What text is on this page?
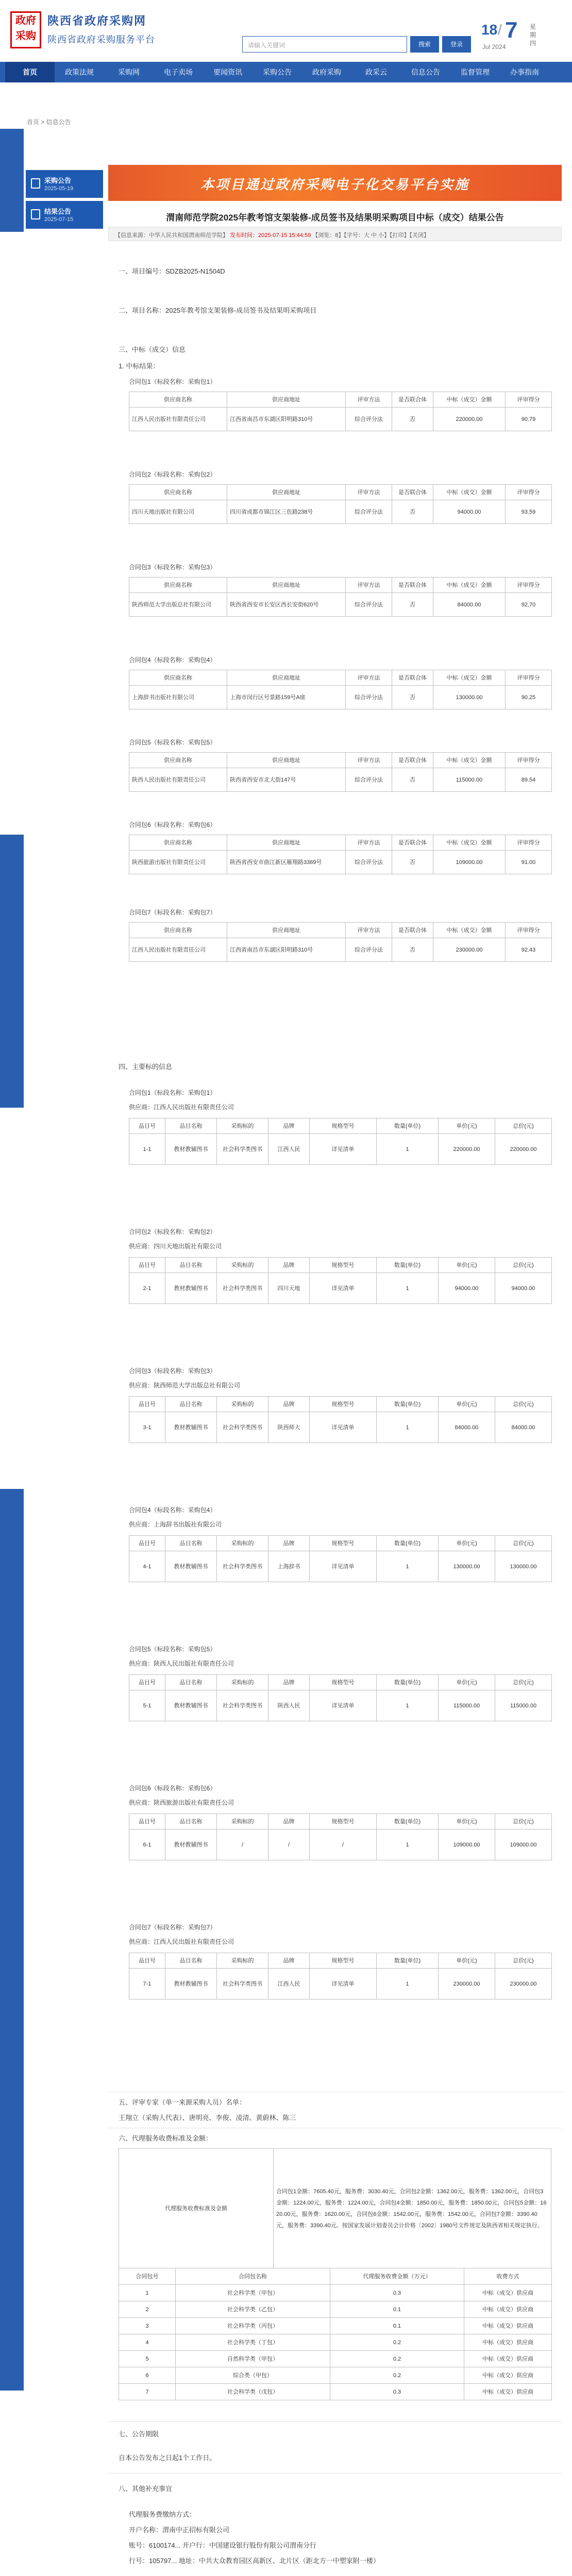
政府
采购
陕西省政府采购网
陕西省政府采购服务平台
请输入关键词	搜索	登录
18 / 7 星期四
Jul 2024
首页	政策法规	采购网	电子卖场	要闻资讯	采购公告	政府采购	政采云	信息公告	监督管理	办事指南
首页 > 信息公告
采购公告
2025-05-19
结果公告
2025-07-15
本项目通过政府采购电子化交易平台实施
渭南师范学院2025年教考馆支架装修-成员签书及结果明采购项目中标（成交）结果公告
【信息来源：中华人民共和国渭南师范学院】 发布时间：2025-07-15 15:44:59 【浏览：8】【字号：大 中 小】【打印】【关闭】
一、项目编号：SDZB2025-N1504D
二、项目名称：2025年教考馆支架装修-成员签书及结果明采购项目
三、中标（成交）信息
1. 中标结果：
四、主要标的信息
五、评审专家（单一来源采购人员）名单：
王翔立（采购人代表）、唐明亮、李俊、凌清、黄蔚林、陈三
六、代理服务收费标准及金额：
代理服务收费标准及金额	合同包1金额：7605.40元，服务费：3030.40元，合同包2金额：1362.00元，服务费：1362.00元，合同包3金额：1224.00元，服务费：1224.00元，合同包4金额：1850.00元，服务费：1850.00元，合同包5金额：1620.00元，服务费：1620.00元，合同包6金额：1542.00元，服务费：1542.00元，合同包7金额：3390.40元，服务费：3390.40元。按国家发展计划委员会计价格〔2002〕1980号文件规定及陕西省相关规定执行。
合同包号	合同包名称	代理服务收费金额（万元）	收费方式
1	社会科学类（甲包）	0.3	中标（成交）供应商
2	社会科学类（乙包）	0.1	中标（成交）供应商
3	社会科学类（丙包）	0.1	中标（成交）供应商
4	社会科学类（丁包）	0.2	中标（成交）供应商
5	自然科学类（甲包）	0.2	中标（成交）供应商
6	综合类（甲包）	0.2	中标（成交）供应商
7	社会科学类（戊包）	0.3	中标（成交）供应商
七、公告期限
自本公告发布之日起1个工作日。
八、其他补充事宜
代理服务费缴纳方式：
开户名称：渭南中正招标有限公司
账号：6100174... 开户行：中国建设银行股份有限公司渭南分行
行号：105797... 地址：中共大众教育园区高新区、北片区（距北方一中塑家附一楼）
合同包1（标段名称：采购包1）
供应商名称	供应商地址	评审方法	是否联合体	中标（成交）金额	评审得分
江西人民出版社有限责任公司	江西省南昌市东湖区阳明路310号	综合评分法	否	220000.00	90.79
合同包2（标段名称：采购包2）
供应商名称	供应商地址	评审方法	是否联合体	中标（成交）金额	评审得分
四川天地出版社有限公司	四川省成都市锦江区三色路238号	综合评分法	否	94000.00	93.59
合同包3（标段名称：采购包3）
供应商名称	供应商地址	评审方法	是否联合体	中标（成交）金额	评审得分
陕西师范大学出版总社有限公司	陕西省西安市长安区西长安街620号	综合评分法	否	84000.00	92.70
合同包4（标段名称：采购包4）
供应商名称	供应商地址	评审方法	是否联合体	中标（成交）金额	评审得分
上海辞书出版社有限公司	上海市闵行区号景路159号A座	综合评分法	否	130000.00	90.25
合同包5（标段名称：采购包5）
供应商名称	供应商地址	评审方法	是否联合体	中标（成交）金额	评审得分
陕西人民出版社有限责任公司	陕西省西安市北大街147号	综合评分法	否	115000.00	89.54
合同包6（标段名称：采购包6）
供应商名称	供应商地址	评审方法	是否联合体	中标（成交）金额	评审得分
陕西旅游出版社有限责任公司	陕西省西安市曲江新区雁翔路3369号	综合评分法	否	109000.00	91.00
合同包7（标段名称：采购包7）
供应商名称	供应商地址	评审方法	是否联合体	中标（成交）金额	评审得分
江西人民出版社有限责任公司	江西省南昌市东湖区阳明路310号	综合评分法	否	230000.00	92.43
合同包1（标段名称：采购包1）
供应商：江西人民出版社有限责任公司
品目号	品目名称	采购标的	品牌	规格型号	数量(单位)	单价(元)	总价(元)
1-1	教材教辅图书	社会科学类图书	江西人民	详见清单	1	220000.00	220000.00
合同包2（标段名称：采购包2）
供应商：四川天地出版社有限公司
品目号	品目名称	采购标的	品牌	规格型号	数量(单位)	单价(元)	总价(元)
2-1	教材教辅图书	社会科学类图书	四川天地	详见清单	1	94000.00	94000.00
合同包3（标段名称：采购包3）
供应商：陕西师范大学出版总社有限公司
品目号	品目名称	采购标的	品牌	规格型号	数量(单位)	单价(元)	总价(元)
3-1	教材教辅图书	社会科学类图书	陕西师大	详见清单	1	84000.00	84000.00
合同包4（标段名称：采购包4）
供应商：上海辞书出版社有限公司
品目号	品目名称	采购标的	品牌	规格型号	数量(单位)	单价(元)	总价(元)
4-1	教材教辅图书	社会科学类图书	上海辞书	详见清单	1	130000.00	130000.00
合同包5（标段名称：采购包5）
供应商：陕西人民出版社有限责任公司
品目号	品目名称	采购标的	品牌	规格型号	数量(单位)	单价(元)	总价(元)
5-1	教材教辅图书	社会科学类图书	陕西人民	详见清单	1	115000.00	115000.00
合同包6（标段名称：采购包6）
供应商：陕西旅游出版社有限责任公司
品目号	品目名称	采购标的	品牌	规格型号	数量(单位)	单价(元)	总价(元)
6-1	教材教辅图书	/	/	/	1	109000.00	109000.00
合同包7（标段名称：采购包7）
供应商：江西人民出版社有限责任公司
品目号	品目名称	采购标的	品牌	规格型号	数量(单位)	单价(元)	总价(元)
7-1	教材教辅图书	社会科学类图书	江西人民	详见清单	1	230000.00	230000.00
